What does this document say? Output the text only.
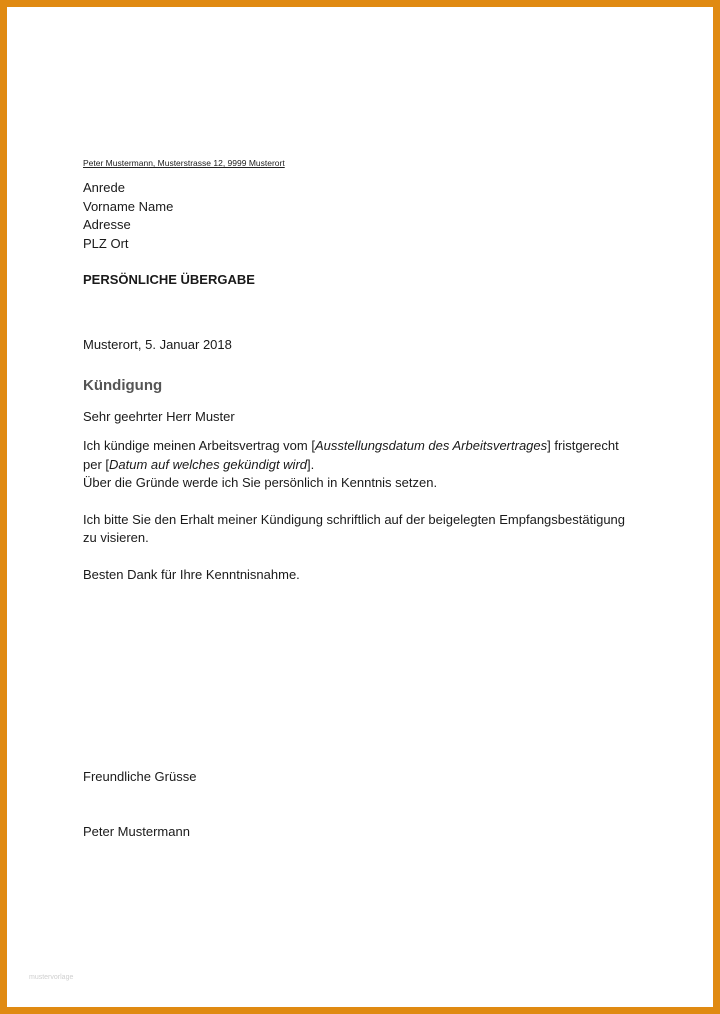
Peter Mustermann, Musterstrasse 12, 9999 Musterort
Anrede
Vorname Name
Adresse
PLZ Ort
PERSÖNLICHE ÜBERGABE
Musterort, 5. Januar 2018
Kündigung
Sehr geehrter Herr Muster
Ich kündige meinen Arbeitsvertrag vom [Ausstellungsdatum des Arbeitsvertrages] fristgerecht
per [Datum auf welches gekündigt wird].
Über die Gründe werde ich Sie persönlich in Kenntnis setzen.
Ich bitte Sie den Erhalt meiner Kündigung schriftlich auf der beigelegten Empfangsbestätigung
zu visieren.
Besten Dank für Ihre Kenntnisnahme.
Freundliche Grüsse
Peter Mustermann
mustervorlage
